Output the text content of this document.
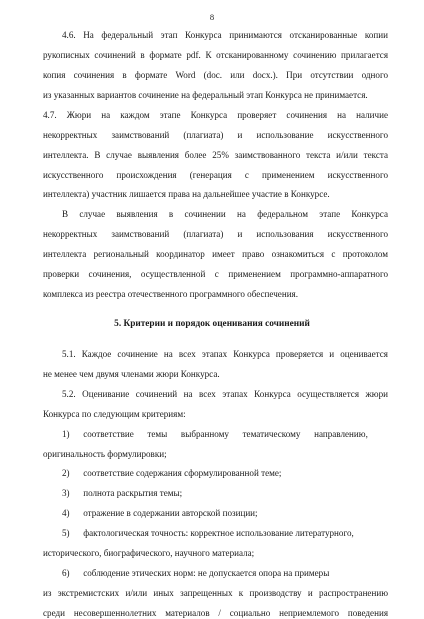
8
4.6. На федеральный этап Конкурса принимаются отсканированные копии
рукописных сочинений в формате pdf. К отсканированному сочинению прилагается
копия сочинения в формате Word (doc. или docx.). При отсутствии одного
из указанных вариантов сочинение на федеральный этап Конкурса не принимается.
4.7. Жюри на каждом этапе Конкурса проверяет сочинения на наличие
некорректных заимствований (плагиата) и использование искусственного
интеллекта. В случае выявления более 25% заимствованного текста и/или текста
искусственного происхождения (генерация с применением искусственного
интеллекта) участник лишается права на дальнейшее участие в Конкурсе.
В случае выявления в сочинении на федеральном этапе Конкурса
некорректных заимствований (плагиата) и использования искусственного
интеллекта региональный координатор имеет право ознакомиться с протоколом
проверки сочинения, осуществленной с применением программно-аппаратного
комплекса из реестра отечественного программного обеспечения.
5. Критерии и порядок оценивания сочинений
5.1. Каждое сочинение на всех этапах Конкурса проверяется и оценивается
не менее чем двумя членами жюри Конкурса.
5.2. Оценивание сочинений на всех этапах Конкурса осуществляется жюри
Конкурса по следующим критериям:
1)      соответствие      темы      выбранному      тематическому      направлению,
оригинальность формулировки;
2)      соответствие содержания сформулированной теме;
3)      полнота раскрытия темы;
4)      отражение в содержании авторской позиции;
5)      фактологическая точность: корректное использование литературного,
исторического, биографического, научного материала;
6)      соблюдение этических норм: не допускается опора на примеры
из экстремистских и/или иных запрещенных к производству и распространению
среди несовершеннолетних материалов / социально неприемлемого поведения
